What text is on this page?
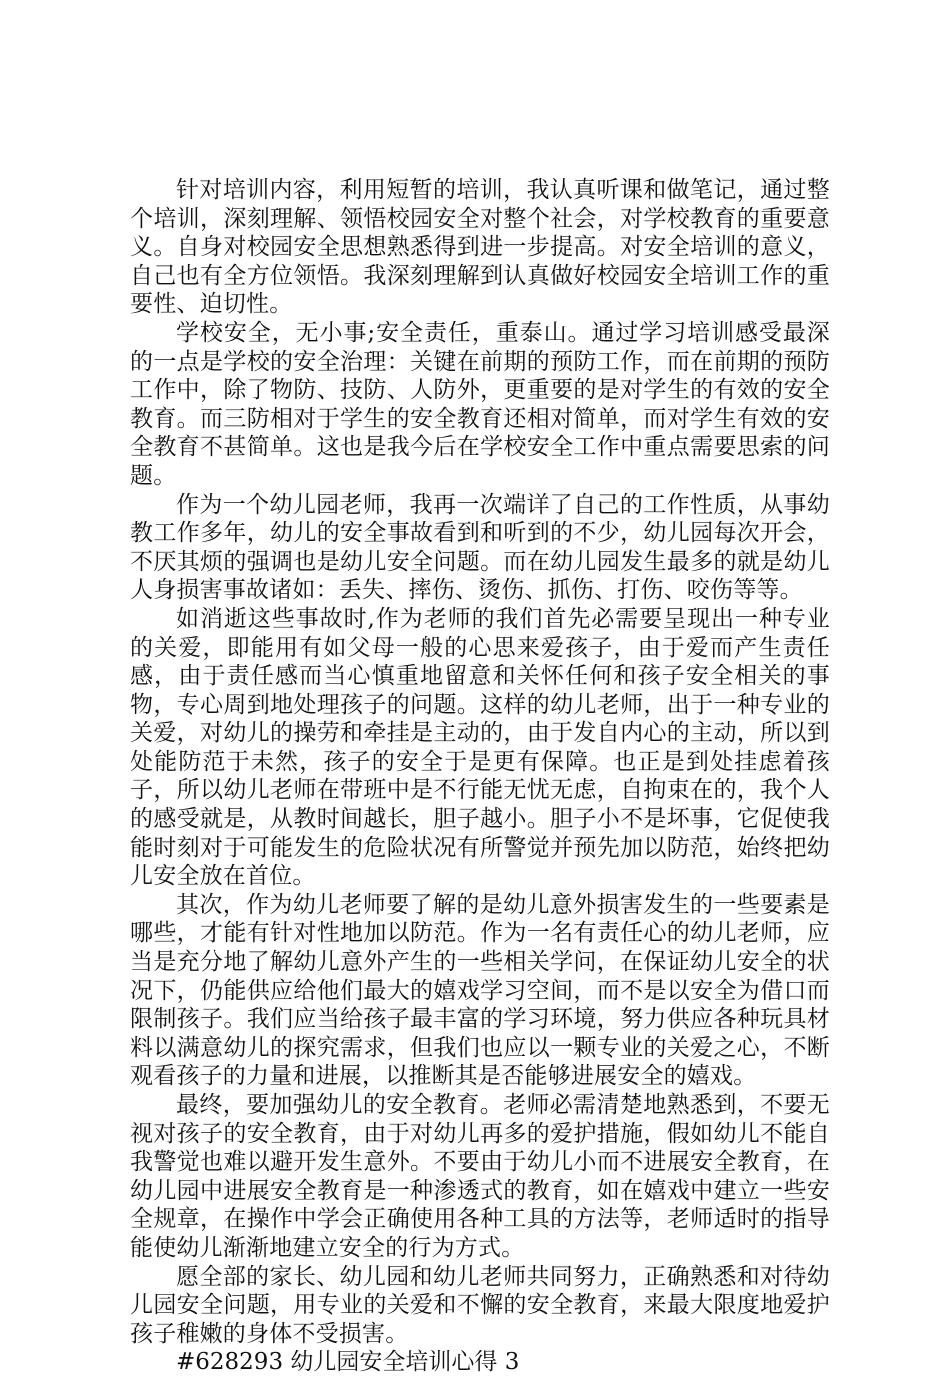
针对培训内容，利用短暂的培训，我认真听课和做笔记，通过整个培训，深刻理解、领悟校园安全对整个社会，对学校教育的重要意义。自身对校园安全思想熟悉得到进一步提高。对安全培训的意义，自己也有全方位领悟。我深刻理解到认真做好校园安全培训工作的重要性、迫切性。

学校安全，无小事;安全责任，重泰山。通过学习培训感受最深的一点是学校的安全治理：关键在前期的预防工作，而在前期的预防工作中，除了物防、技防、人防外，更重要的是对学生的有效的安全教育。而三防相对于学生的安全教育还相对简单，而对学生有效的安全教育不甚简单。这也是我今后在学校安全工作中重点需要思索的问题。

作为一个幼儿园老师，我再一次端详了自己的工作性质，从事幼教工作多年，幼儿的安全事故看到和听到的不少，幼儿园每次开会，不厌其烦的强调也是幼儿安全问题。而在幼儿园发生最多的就是幼儿人身损害事故诸如：丢失、摔伤、烫伤、抓伤、打伤、咬伤等等。

如消逝这些事故时,作为老师的我们首先必需要呈现出一种专业的关爱，即能用有如父母一般的心思来爱孩子，由于爱而产生责任感，由于责任感而当心慎重地留意和关怀任何和孩子安全相关的事物，专心周到地处理孩子的问题。这样的幼儿老师，出于一种专业的关爱，对幼儿的操劳和牵挂是主动的，由于发自内心的主动，所以到处能防范于未然，孩子的安全于是更有保障。也正是到处挂虑着孩子，所以幼儿老师在带班中是不行能无忧无虑，自拘束在的，我个人的感受就是，从教时间越长，胆子越小。胆子小不是坏事，它促使我能时刻对于可能发生的危险状况有所警觉并预先加以防范，始终把幼儿安全放在首位。

其次，作为幼儿老师要了解的是幼儿意外损害发生的一些要素是哪些，才能有针对性地加以防范。作为一名有责任心的幼儿老师，应当是充分地了解幼儿意外产生的一些相关学问，在保证幼儿安全的状况下，仍能供应给他们最大的嬉戏学习空间，而不是以安全为借口而限制孩子。我们应当给孩子最丰富的学习环境，努力供应各种玩具材料以满意幼儿的探究需求，但我们也应以一颗专业的关爱之心，不断观看孩子的力量和进展，以推断其是否能够进展安全的嬉戏。

最终，要加强幼儿的安全教育。老师必需清楚地熟悉到，不要无视对孩子的安全教育，由于对幼儿再多的爱护措施，假如幼儿不能自我警觉也难以避开发生意外。不要由于幼儿小而不进展安全教育，在幼儿园中进展安全教育是一种渗透式的教育，如在嬉戏中建立一些安全规章，在操作中学会正确使用各种工具的方法等，老师适时的指导能使幼儿渐渐地建立安全的行为方式。

愿全部的家长、幼儿园和幼儿老师共同努力，正确熟悉和对待幼儿园安全问题，用专业的关爱和不懈的安全教育，来最大限度地爱护孩子稚嫩的身体不受损害。

#628293 幼儿园安全培训心得 3
